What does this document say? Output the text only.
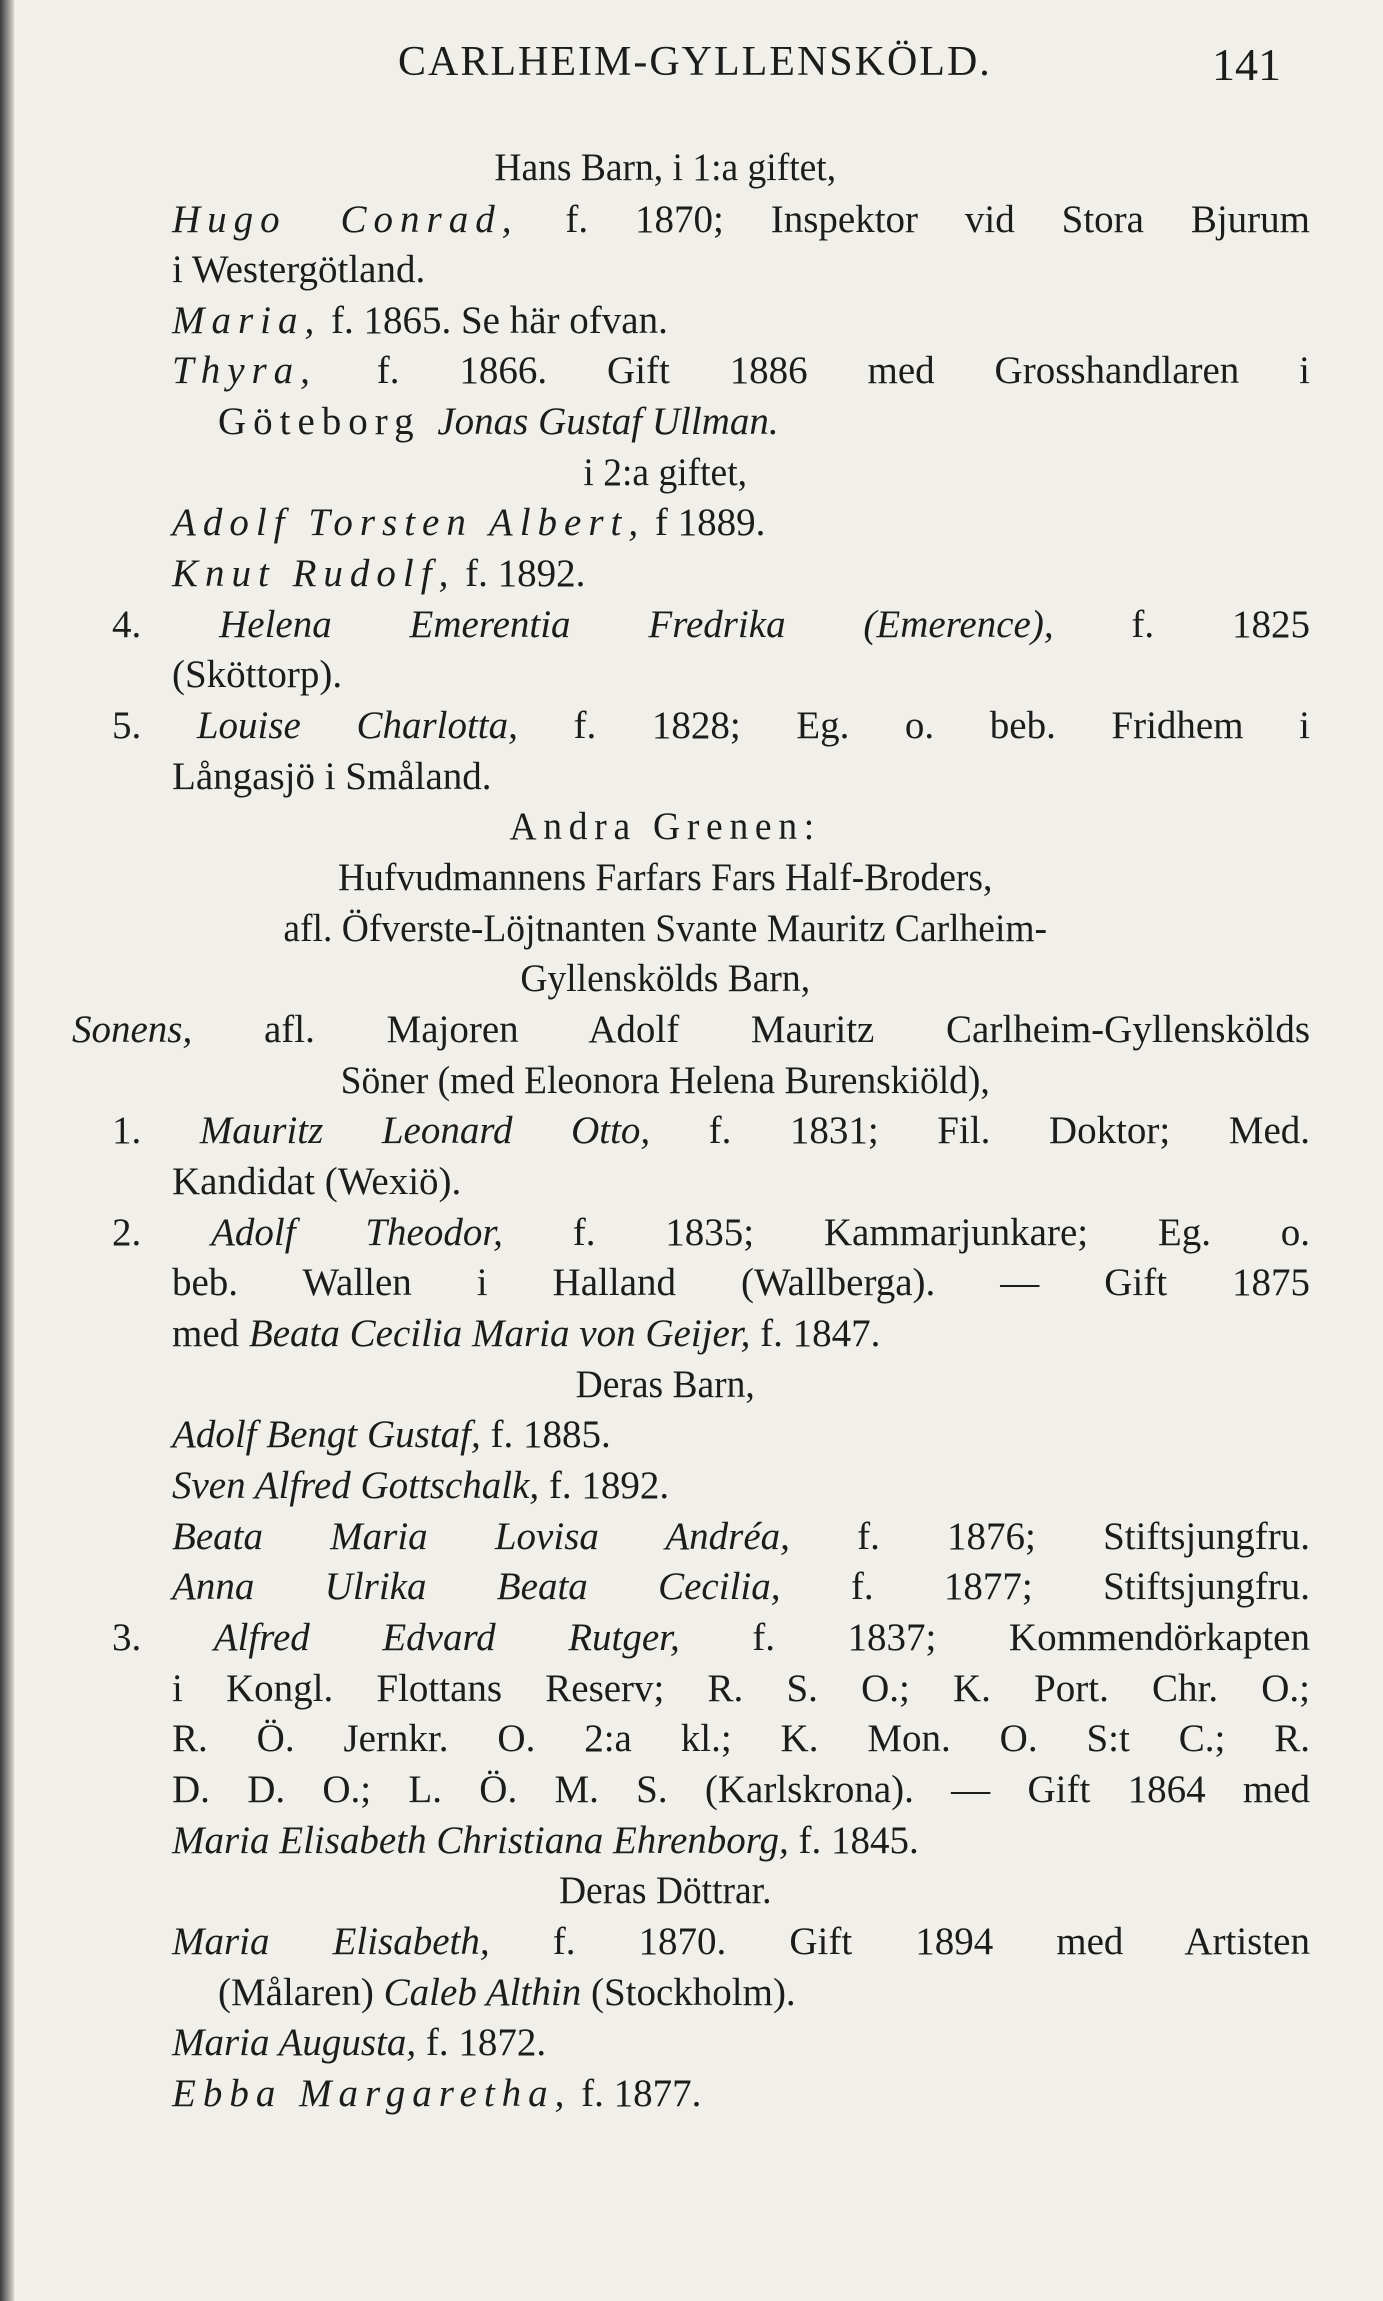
CARLHEIM-GYLLENSKÖLD.	141
Hans Barn, i 1:a giftet,
Hugo Conrad, f. 1870; Inspektor vid Stora Bjurum
i Westergötland.
Maria, f. 1865. Se här ofvan.
Thyra, f. 1866. Gift 1886 med Grosshandlaren i
Göteborg Jonas Gustaf Ullman.
i 2:a giftet,
Adolf Torsten Albert, f 1889.
Knut Rudolf, f. 1892.
4. Helena Emerentia Fredrika (Emerence), f. 1825
(Sköttorp).
5. Louise Charlotta, f. 1828; Eg. o. beb. Fridhem i
Långasjö i Småland.
Andra Grenen:
Hufvudmannens Farfars Fars Half-Broders,
afl. Öfverste-Löjtnanten Svante Mauritz Carlheim-
Gyllenskölds Barn,
Sonens, afl. Majoren Adolf Mauritz Carlheim-Gyllenskölds
Söner (med Eleonora Helena Burenskiöld),
1. Mauritz Leonard Otto, f. 1831; Fil. Doktor; Med.
Kandidat (Wexiö).
2. Adolf Theodor, f. 1835; Kammarjunkare; Eg. o.
beb. Wallen i Halland (Wallberga). — Gift 1875
med Beata Cecilia Maria von Geijer, f. 1847.
Deras Barn,
Adolf Bengt Gustaf, f. 1885.
Sven Alfred Gottschalk, f. 1892.
Beata Maria Lovisa Andréa, f. 1876; Stiftsjungfru.
Anna Ulrika Beata Cecilia, f. 1877; Stiftsjungfru.
3. Alfred Edvard Rutger, f. 1837; Kommendörkapten
i Kongl. Flottans Reserv; R. S. O.; K. Port. Chr. O.;
R. Ö. Jernkr. O. 2:a kl.; K. Mon. O. S:t C.; R.
D. D. O.; L. Ö. M. S. (Karlskrona). — Gift 1864 med
Maria Elisabeth Christiana Ehrenborg, f. 1845.
Deras Döttrar.
Maria Elisabeth, f. 1870. Gift 1894 med Artisten
(Målaren) Caleb Althin (Stockholm).
Maria Augusta, f. 1872.
Ebba Margaretha, f. 1877.
